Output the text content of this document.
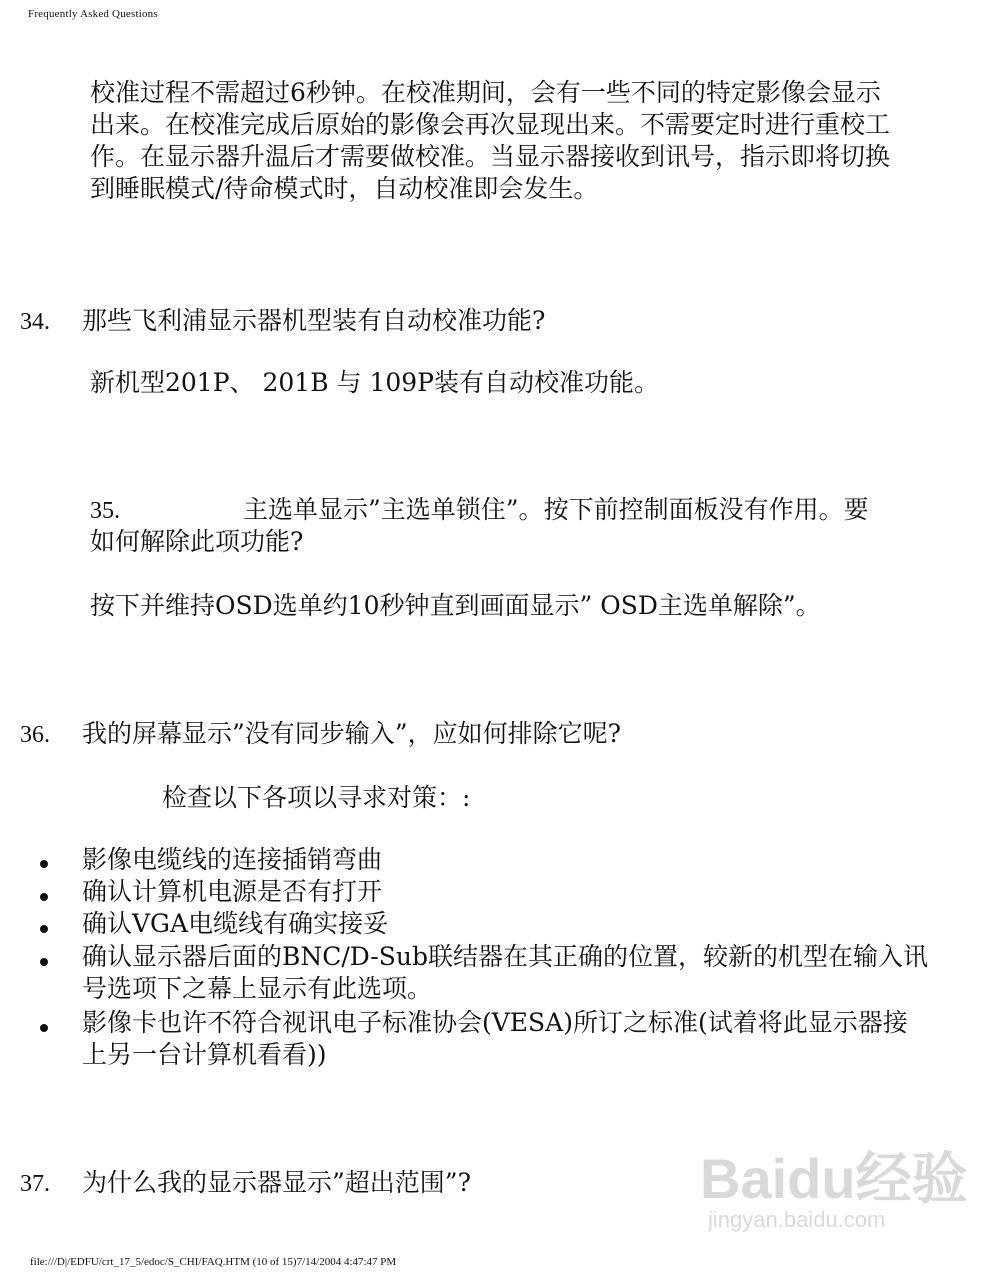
Frequently Asked Questions
校准过程不需超过6秒钟。在校准期间，会有一些不同的特定影像会显示
出来。在校准完成后原始的影像会再次显现出来。不需要定时进行重校工
作。在显示器升温后才需要做校准。当显示器接收到讯号，指示即将切换
到睡眠模式/待命模式时，自动校准即会发生。
34. 那些飞利浦显示器机型装有自动校准功能?
新机型201P、 201B 与 109P装有自动校准功能。
35.	主选单显示”主选单锁住”。按下前控制面板没有作用。要
如何解除此项功能?
按下并维持OSD选单约10秒钟直到画面显示” OSD主选单解除”。
36. 我的屏幕显示”没有同步输入”，应如何排除它呢?
检查以下各项以寻求对策：:
影像电缆线的连接插销弯曲
确认计算机电源是否有打开
确认VGA电缆线有确实接妥
确认显示器后面的BNC/D-Sub联结器在其正确的位置，较新的机型在输入讯
号选项下之幕上显示有此选项。
影像卡也许不符合视讯电子标准协会(VESA)所订之标准(试着将此显示器接
上另一台计算机看看))
37. 为什么我的显示器显示”超出范围”?	Baidu经验
jingyan.baidu.com
file:///D|/EDFU/crt_17_5/edoc/S_CHI/FAQ.HTM (10 of 15)7/14/2004 4:47:47 PM
